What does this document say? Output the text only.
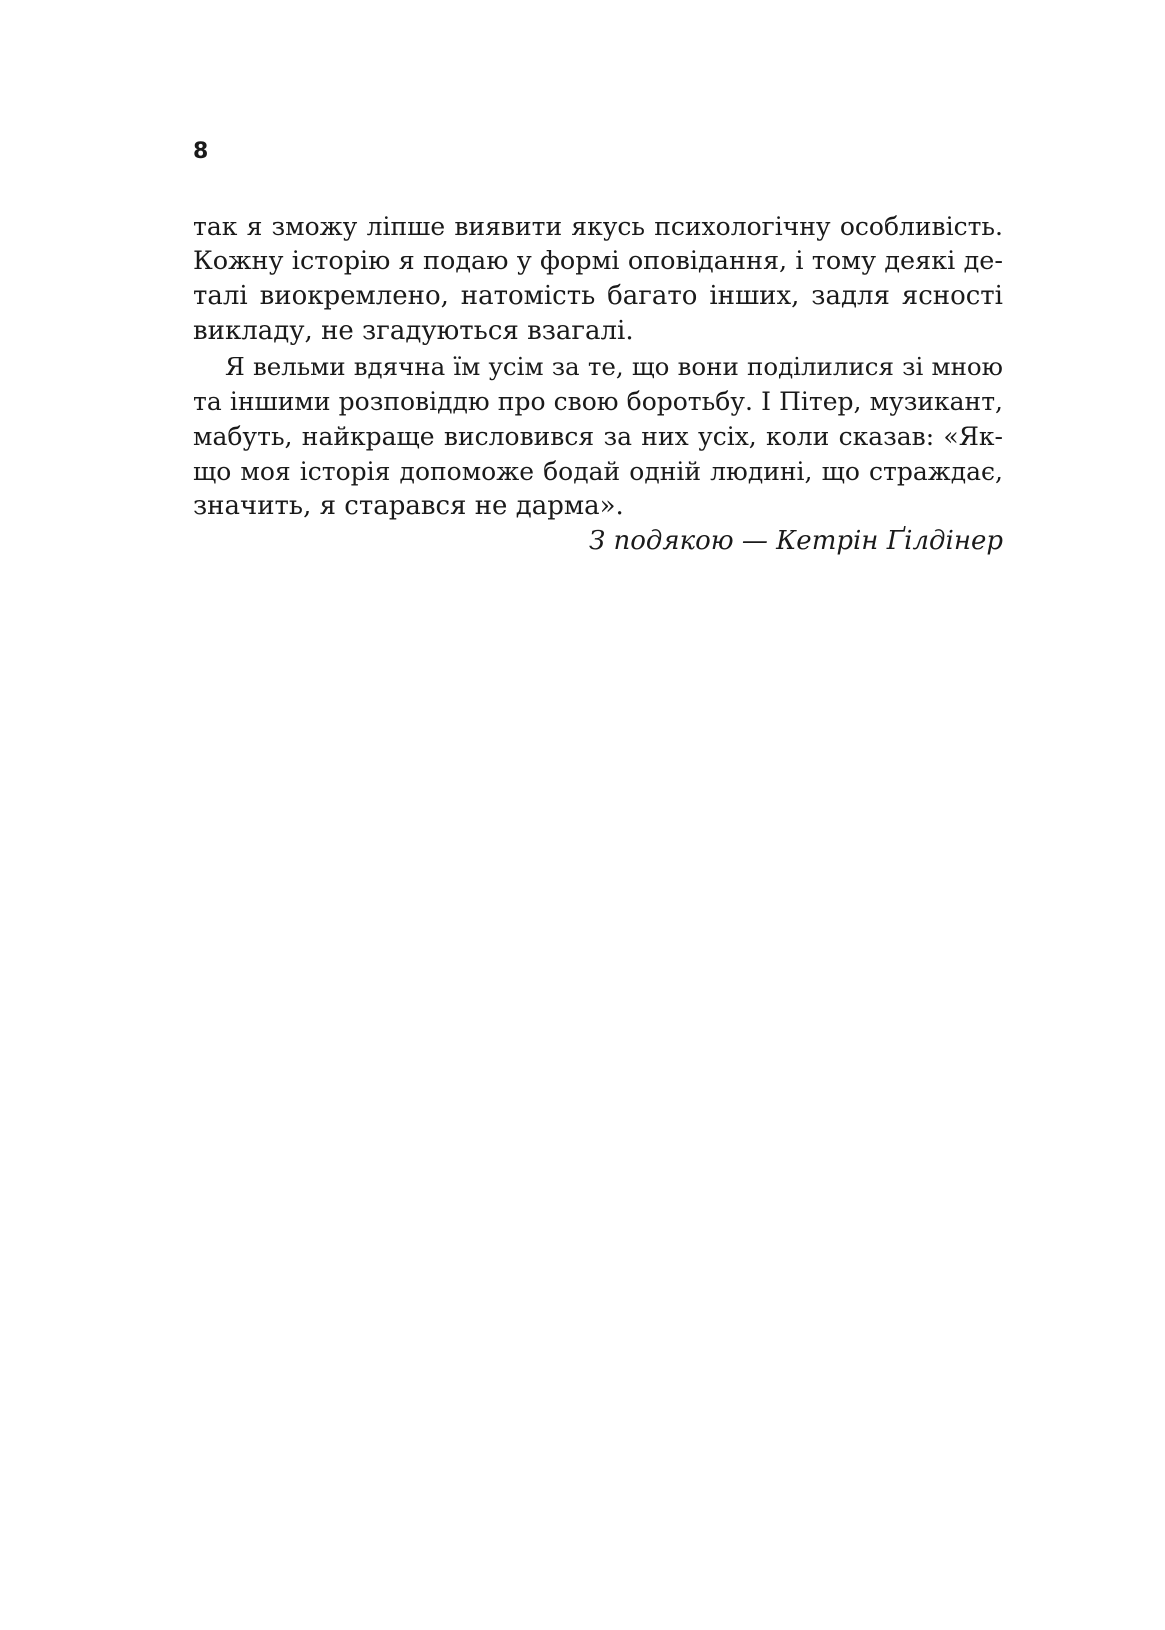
8
так я зможу ліпше виявити якусь психологічну особливість.
Кожну історію я подаю у формі оповідання, і тому деякі де-
талі виокремлено, натомість багато інших, задля ясності
викладу, не згадуються взагалі.
Я вельми вдячна їм усім за те, що вони поділилися зі мною
та іншими розповіддю про свою боротьбу. І Пітер, музикант,
мабуть, найкраще висловився за них усіх, коли сказав: «Як-
що моя історія допоможе бодай одній людині, що страждає,
значить, я старався не дарма».
З подякою — Кетрін Ґілдінер
